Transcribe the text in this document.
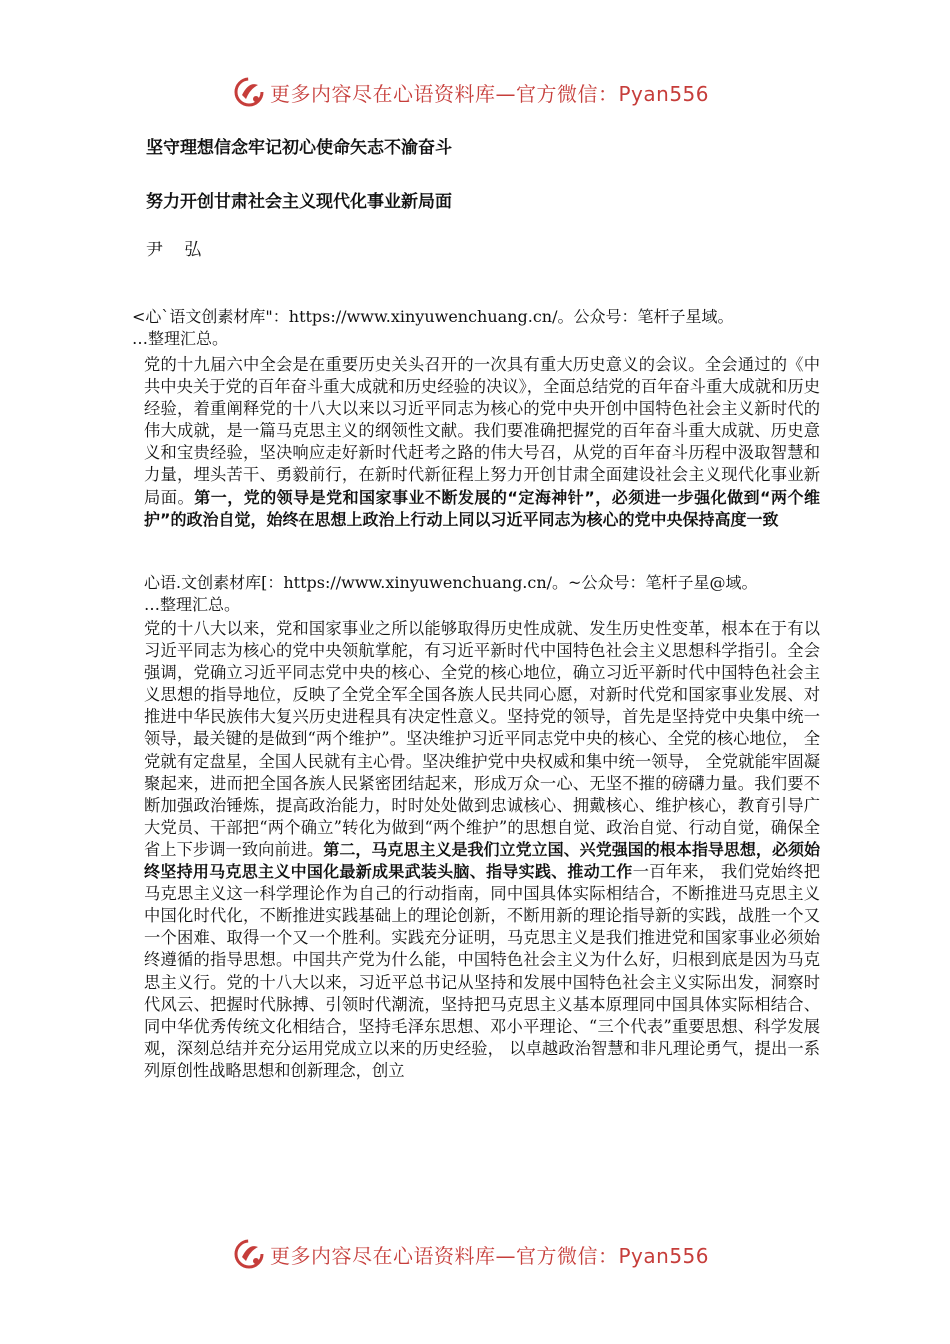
更多内容尽在心语资料库—官方微信：Pyan556
坚守理想信念牢记初心使命矢志不渝奋斗
努力开创甘肃社会主义现代化事业新局面
尹 弘
<心`语文创素材库"：https://www.xinyuwenchuang.cn/。公众号：笔杆子星域。
…整理汇总。
党的十九届六中全会是在重要历史关头召开的一次具有重大历史意义的会议。全会通过的《中共中央关于党的百年奋斗重大成就和历史经验的决议》，全面总结党的百年奋斗重大成就和历史经验，着重阐释党的十八大以来以习近平同志为核心的党中央开创中国特色社会主义新时代的伟大成就，是一篇马克思主义的纲领性文献。我们要准确把握党的百年奋斗重大成就、历史意义和宝贵经验，坚决响应走好新时代赶考之路的伟大号召，从党的百年奋斗历程中汲取智慧和力量，埋头苦干、勇毅前行，在新时代新征程上努力开创甘肃全面建设社会主义现代化事业新局面。第一，党的领导是党和国家事业不断发展的“定海神针”，必须进一步强化做到“两个维护”的政治自觉，始终在思想上政治上行动上同以习近平同志为核心的党中央保持高度一致
心语.文创素材库[：https://www.xinyuwenchuang.cn/。~公众号：笔杆子星@域。
…整理汇总。
党的十八大以来，党和国家事业之所以能够取得历史性成就、发生历史性变革，根本在于有以习近平同志为核心的党中央领航掌舵，有习近平新时代中国特色社会主义思想科学指引。全会强调，党确立习近平同志党中央的核心、全党的核心地位，确立习近平新时代中国特色社会主义思想的指导地位，反映了全党全军全国各族人民共同心愿，对新时代党和国家事业发展、对推进中华民族伟大复兴历史进程具有决定性意义。坚持党的领导，首先是坚持党中央集中统一领导，最关键的是做到“两个维护”。坚决维护习近平同志党中央的核心、全党的核心地位， 全党就有定盘星，全国人民就有主心骨。坚决维护党中央权威和集中统一领导， 全党就能牢固凝聚起来，进而把全国各族人民紧密团结起来，形成万众一心、无坚不摧的磅礴力量。我们要不断加强政治锤炼，提高政治能力，时时处处做到忠诚核心、拥戴核心、维护核心，教育引导广大党员、干部把“两个确立”转化为做到“两个维护”的思想自觉、政治自觉、行动自觉，确保全省上下步调一致向前进。第二，马克思主义是我们立党立国、兴党强国的根本指导思想，必须始 终坚持用马克思主义中国化最新成果武装头脑、指导实践、推动工作一百年来， 我们党始终把马克思主义这一科学理论作为自己的行动指南，同中国具体实际相结合，不断推进马克思主义中国化时代化，不断推进实践基础上的理论创新，不断用新的理论指导新的实践，战胜一个又一个困难、取得一个又一个胜利。实践充分证明，马克思主义是我们推进党和国家事业必须始终遵循的指导思想。中国共产党为什么能，中国特色社会主义为什么好，归根到底是因为马克思主义行。党的十八大以来，习近平总书记从坚持和发展中国特色社会主义实际出发，洞察时代风云、把握时代脉搏、引领时代潮流，坚持把马克思主义基本原理同中国具体实际相结合、同中华优秀传统文化相结合，坚持毛泽东思想、邓小平理论、“三个代表”重要思想、科学发展观，深刻总结并充分运用党成立以来的历史经验， 以卓越政治智慧和非凡理论勇气，提出一系列原创性战略思想和创新理念，创立
更多内容尽在心语资料库—官方微信：Pyan556
